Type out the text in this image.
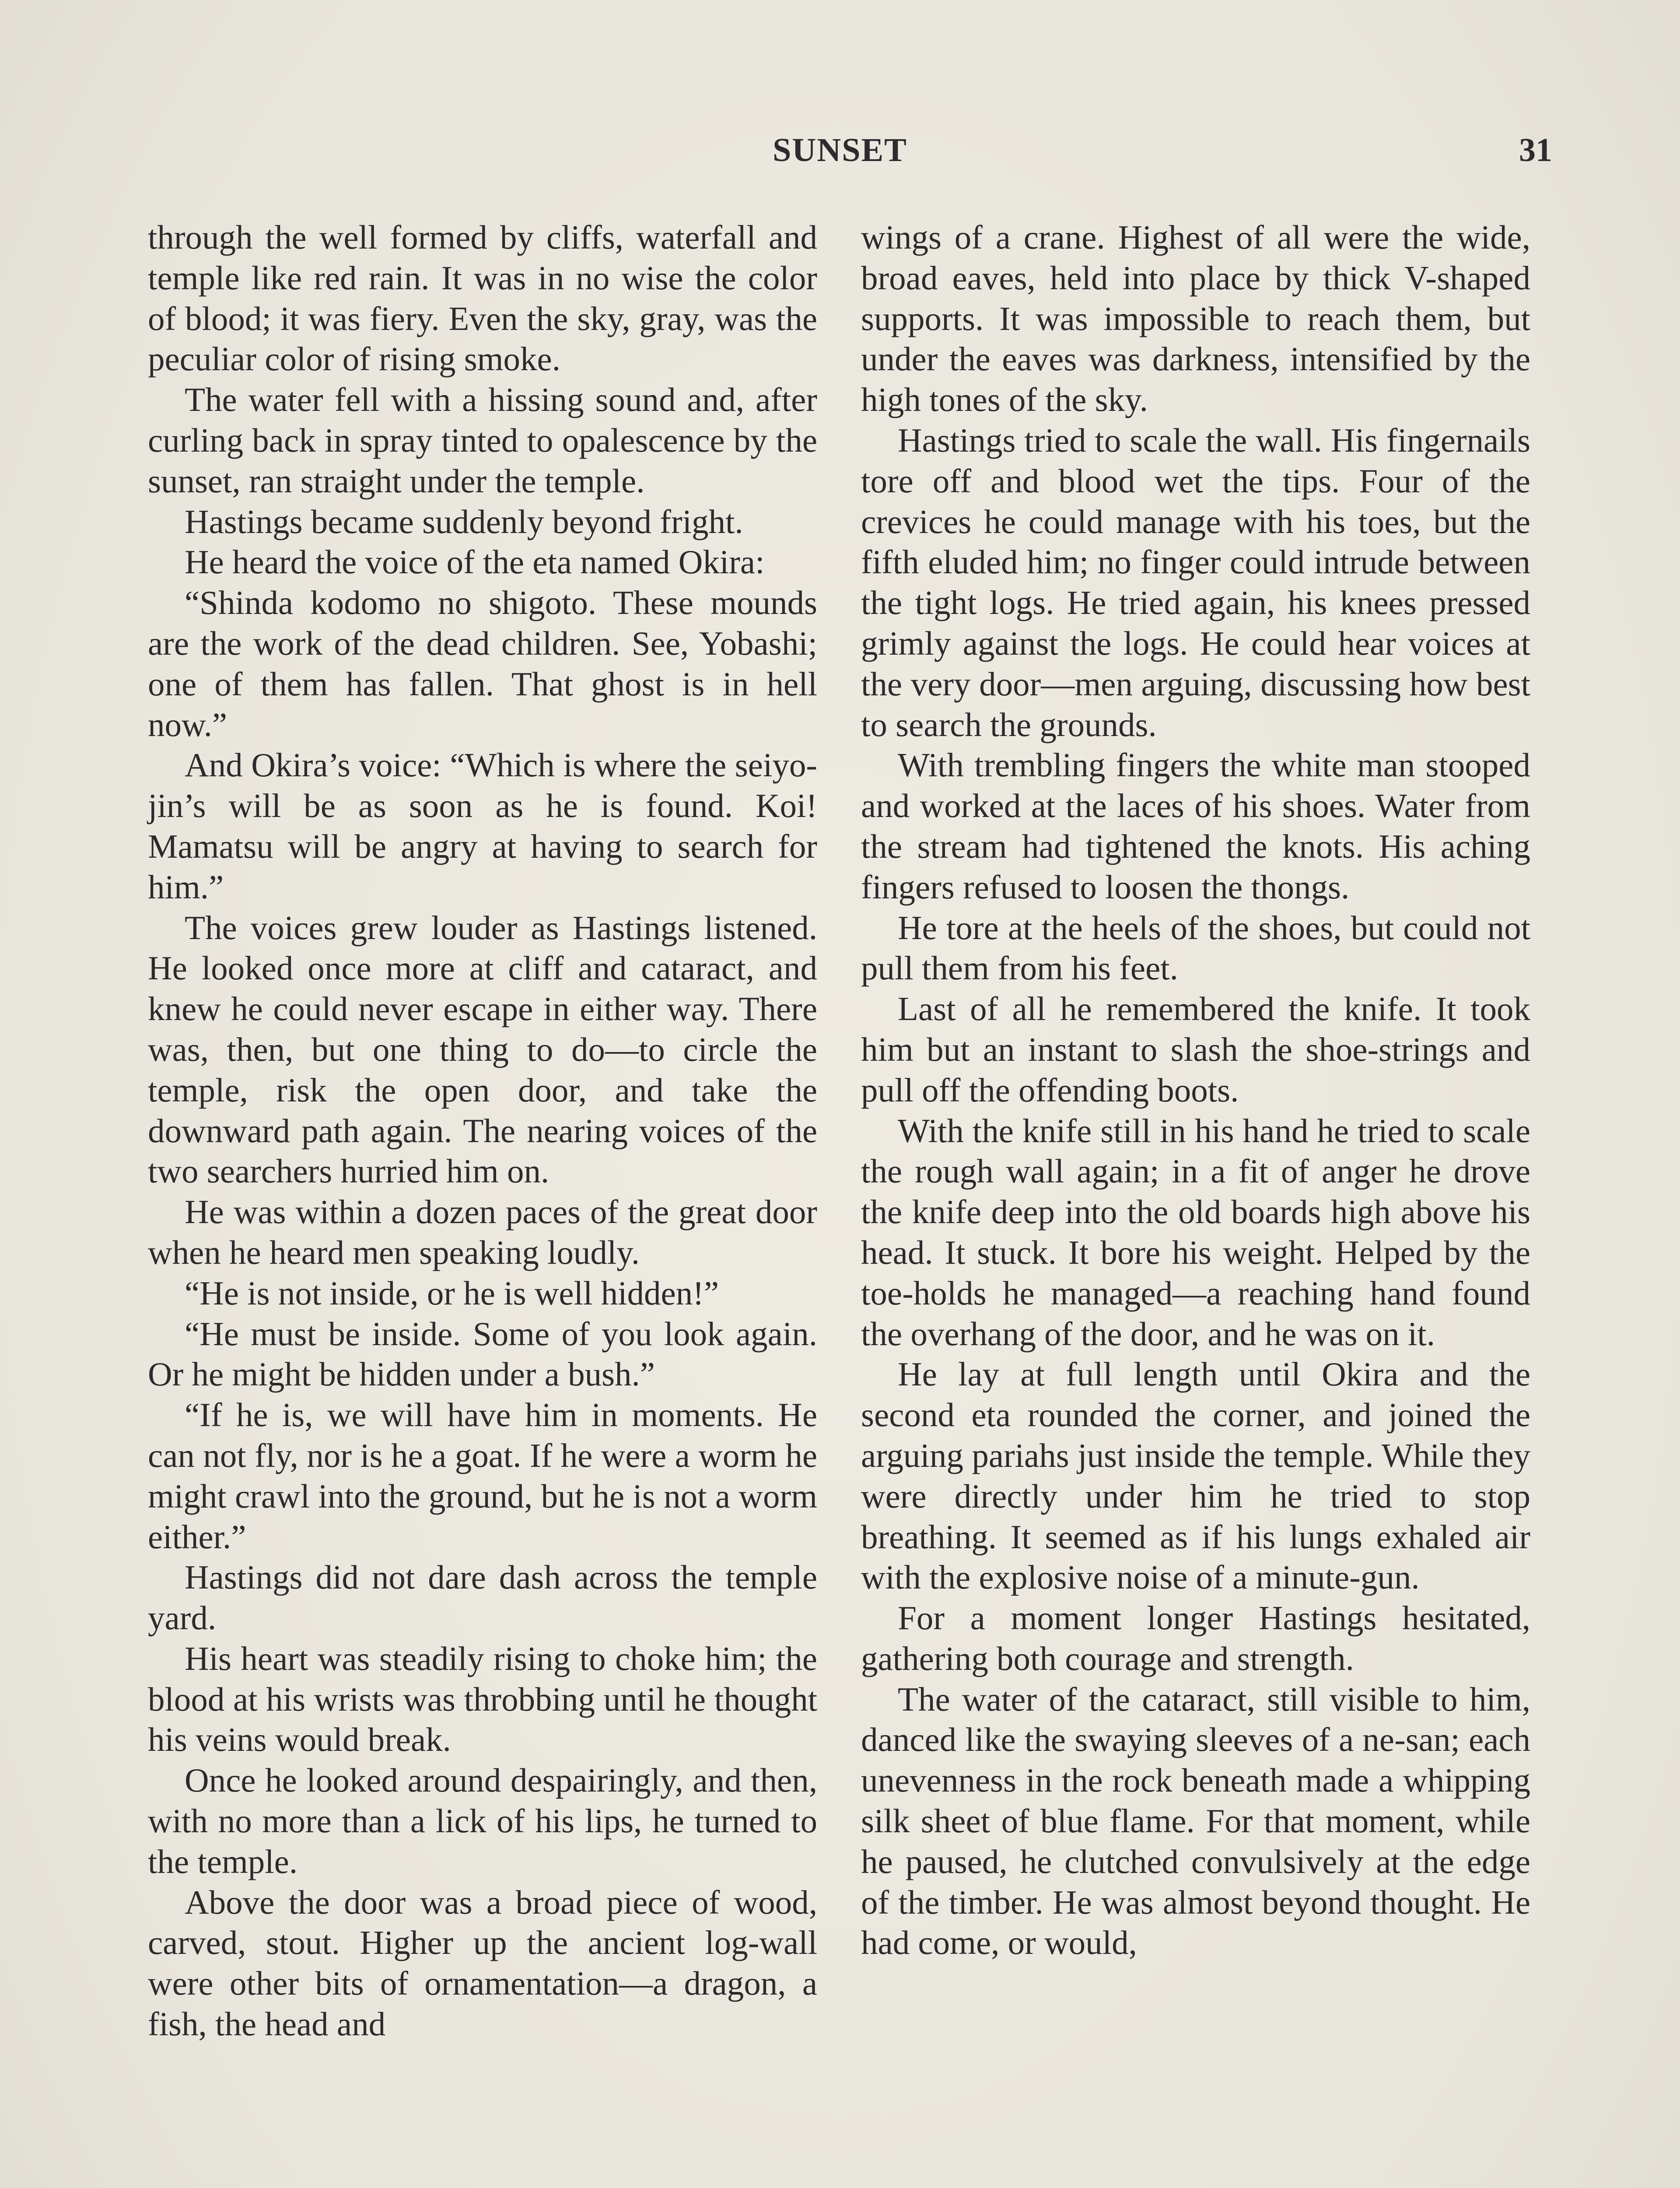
SUNSET	31

through the well formed by cliffs, waterfall and temple like red rain. It was in no wise the color of blood; it was fiery. Even the sky, gray, was the peculiar color of rising smoke.

The water fell with a hissing sound and, after curling back in spray tinted to opalescence by the sunset, ran straight under the temple.

Hastings became suddenly beyond fright.

He heard the voice of the eta named Okira:

“Shinda kodomo no shigoto. These mounds are the work of the dead children. See, Yobashi; one of them has fallen. That ghost is in hell now.”

And Okira’s voice: “Which is where the seiyo-jin’s will be as soon as he is found. Koi! Mamatsu will be angry at having to search for him.”

The voices grew louder as Hastings listened. He looked once more at cliff and cataract, and knew he could never escape in either way. There was, then, but one thing to do—to circle the temple, risk the open door, and take the downward path again. The nearing voices of the two searchers hurried him on.

He was within a dozen paces of the great door when he heard men speaking loudly.

“He is not inside, or he is well hidden!”

“He must be inside. Some of you look again. Or he might be hidden under a bush.”

“If he is, we will have him in moments. He can not fly, nor is he a goat. If he were a worm he might crawl into the ground, but he is not a worm either.”

Hastings did not dare dash across the temple yard.

His heart was steadily rising to choke him; the blood at his wrists was throbbing until he thought his veins would break.

Once he looked around despairingly, and then, with no more than a lick of his lips, he turned to the temple.

Above the door was a broad piece of wood, carved, stout. Higher up the ancient log-wall were other bits of ornamentation—a dragon, a fish, the head and

wings of a crane. Highest of all were the wide, broad eaves, held into place by thick V-shaped supports. It was impossible to reach them, but under the eaves was darkness, intensified by the high tones of the sky.

Hastings tried to scale the wall. His fingernails tore off and blood wet the tips. Four of the crevices he could manage with his toes, but the fifth eluded him; no finger could intrude between the tight logs. He tried again, his knees pressed grimly against the logs. He could hear voices at the very door—men arguing, discussing how best to search the grounds.

With trembling fingers the white man stooped and worked at the laces of his shoes. Water from the stream had tightened the knots. His aching fingers refused to loosen the thongs.

He tore at the heels of the shoes, but could not pull them from his feet.

Last of all he remembered the knife. It took him but an instant to slash the shoe-strings and pull off the offending boots.

With the knife still in his hand he tried to scale the rough wall again; in a fit of anger he drove the knife deep into the old boards high above his head. It stuck. It bore his weight. Helped by the toe-holds he managed—a reaching hand found the overhang of the door, and he was on it.

He lay at full length until Okira and the second eta rounded the corner, and joined the arguing pariahs just inside the temple. While they were directly under him he tried to stop breathing. It seemed as if his lungs exhaled air with the explosive noise of a minute-gun.

For a moment longer Hastings hesitated, gathering both courage and strength.

The water of the cataract, still visible to him, danced like the swaying sleeves of a ne-san; each unevenness in the rock beneath made a whipping silk sheet of blue flame. For that moment, while he paused, he clutched convulsively at the edge of the timber. He was almost beyond thought. He had come, or would,
